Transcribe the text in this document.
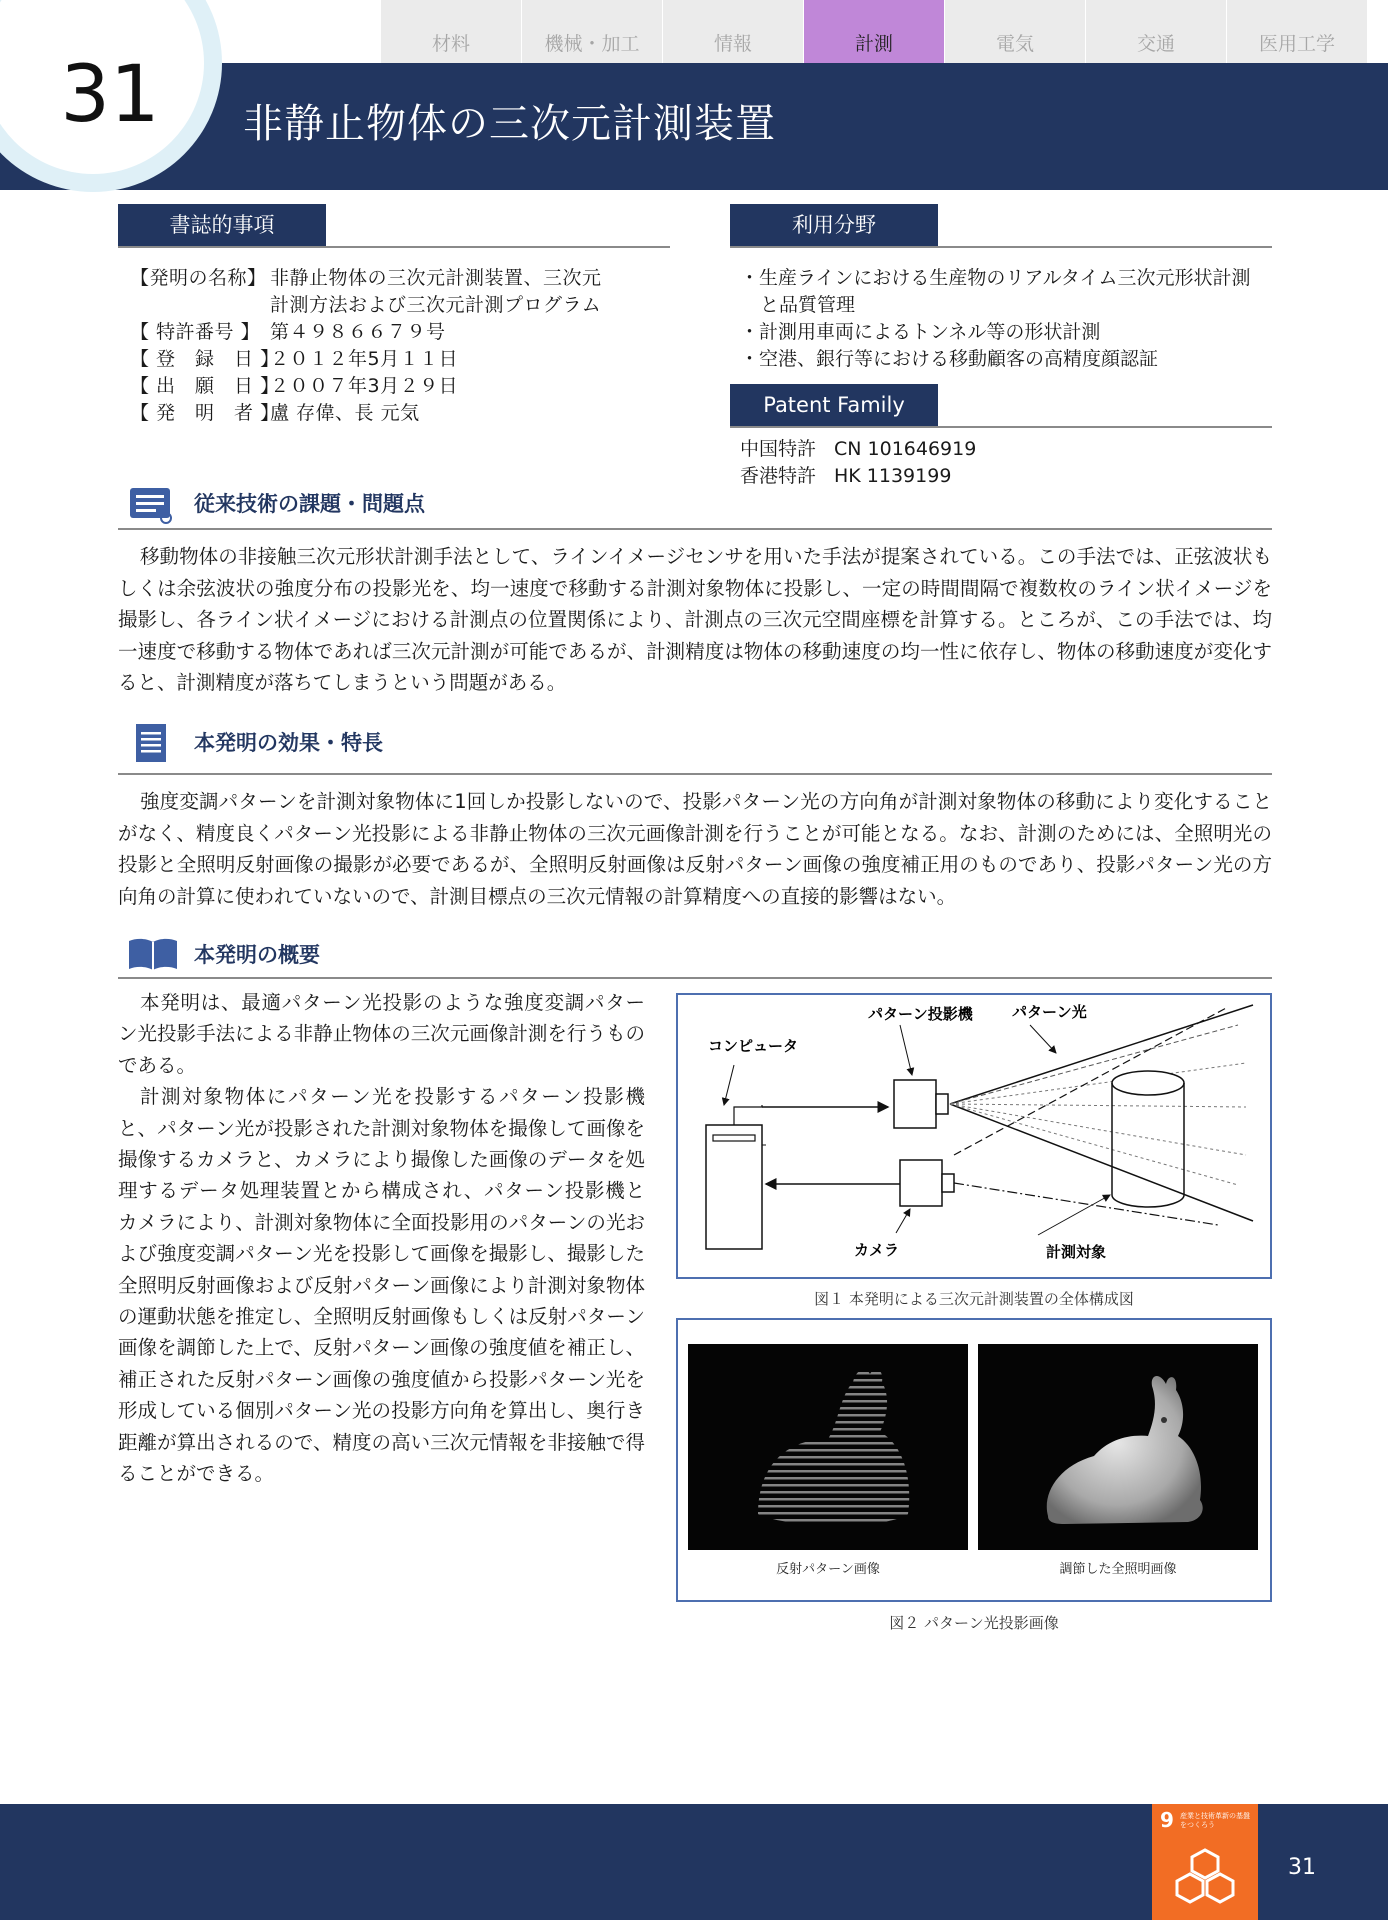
材料	機械・加工	情報	計測	電気	交通	医用工学
31	非静止物体の三次元計測装置
書誌的事項
【発明の名称】 非静止物体の三次元計測装置、三次元
計測方法および三次元計測プログラム
【 特許番号 】 第４９８６６７９号
【 登　録　日 】
２０１２年5月１１日
【 出　願　日 】
２００７年3月２９日
【 発　明　者 】
盧 存偉、長 元気
利用分野
・生産ラインにおける生産物のリアルタイム三次元形状計測と品質管理
・計測用車両によるトンネル等の形状計測
・空港、銀行等における移動顧客の高精度顔認証
Patent Family
中国特許 CN 101646919
香港特許 HK 1139199
従来技術の課題・問題点
移動物体の非接触三次元形状計測手法として、ラインイメージセンサを用いた手法が提案されている。この手法では、正弦波状もしくは余弦波状の強度分布の投影光を、均一速度で移動する計測対象物体に投影し、一定の時間間隔で複数枚のライン状イメージを撮影し、各ライン状イメージにおける計測点の位置関係により、計測点の三次元空間座標を計算する。ところが、この手法では、均一速度で移動する物体であれば三次元計測が可能であるが、計測精度は物体の移動速度の均一性に依存し、物体の移動速度が変化すると、計測精度が落ちてしまうという問題がある。
本発明の効果・特長
強度変調パターンを計測対象物体に1回しか投影しないので、投影パターン光の方向角が計測対象物体の移動により変化することがなく、精度良くパターン光投影による非静止物体の三次元画像計測を行うことが可能となる。なお、計測のためには、全照明光の投影と全照明反射画像の撮影が必要であるが、全照明反射画像は反射パターン画像の強度補正用のものであり、投影パターン光の方向角の計算に使われていないので、計測目標点の三次元情報の計算精度への直接的影響はない。
本発明の概要

本発明は、最適パターン光投影のような強度変調パターン光投影手法による非静止物体の三次元画像計測を行うものである。

計測対象物体にパターン光を投影するパターン投影機と、パターン光が投影された計測対象物体を撮像して画像を撮像するカメラと、カメラにより撮像した画像のデータを処理するデータ処理装置とから構成され、パターン投影機とカメラにより、計測対象物体に全面投影用のパターンの光および強度変調パターン光を投影して画像を撮影し、撮影した全照明反射画像および反射パターン画像により計測対象物体の運動状態を推定し、全照明反射画像もしくは反射パターン画像を調節した上で、反射パターン画像の強度値を補正し、補正された反射パターン画像の強度値から投影パターン光を形成している個別パターン光の投影方向角を算出し、奥行き距離が算出されるので、精度の高い三次元情報を非接触で得ることができる。

コンピュータ
パターン投影機	パターン光
カメラ	計測対象
図１ 本発明による三次元計測装置の全体構成図
反射パターン画像	調節した全照明画像
図２ パターン光投影画像
9 産業と技術革新の基盤をつくろう
31
